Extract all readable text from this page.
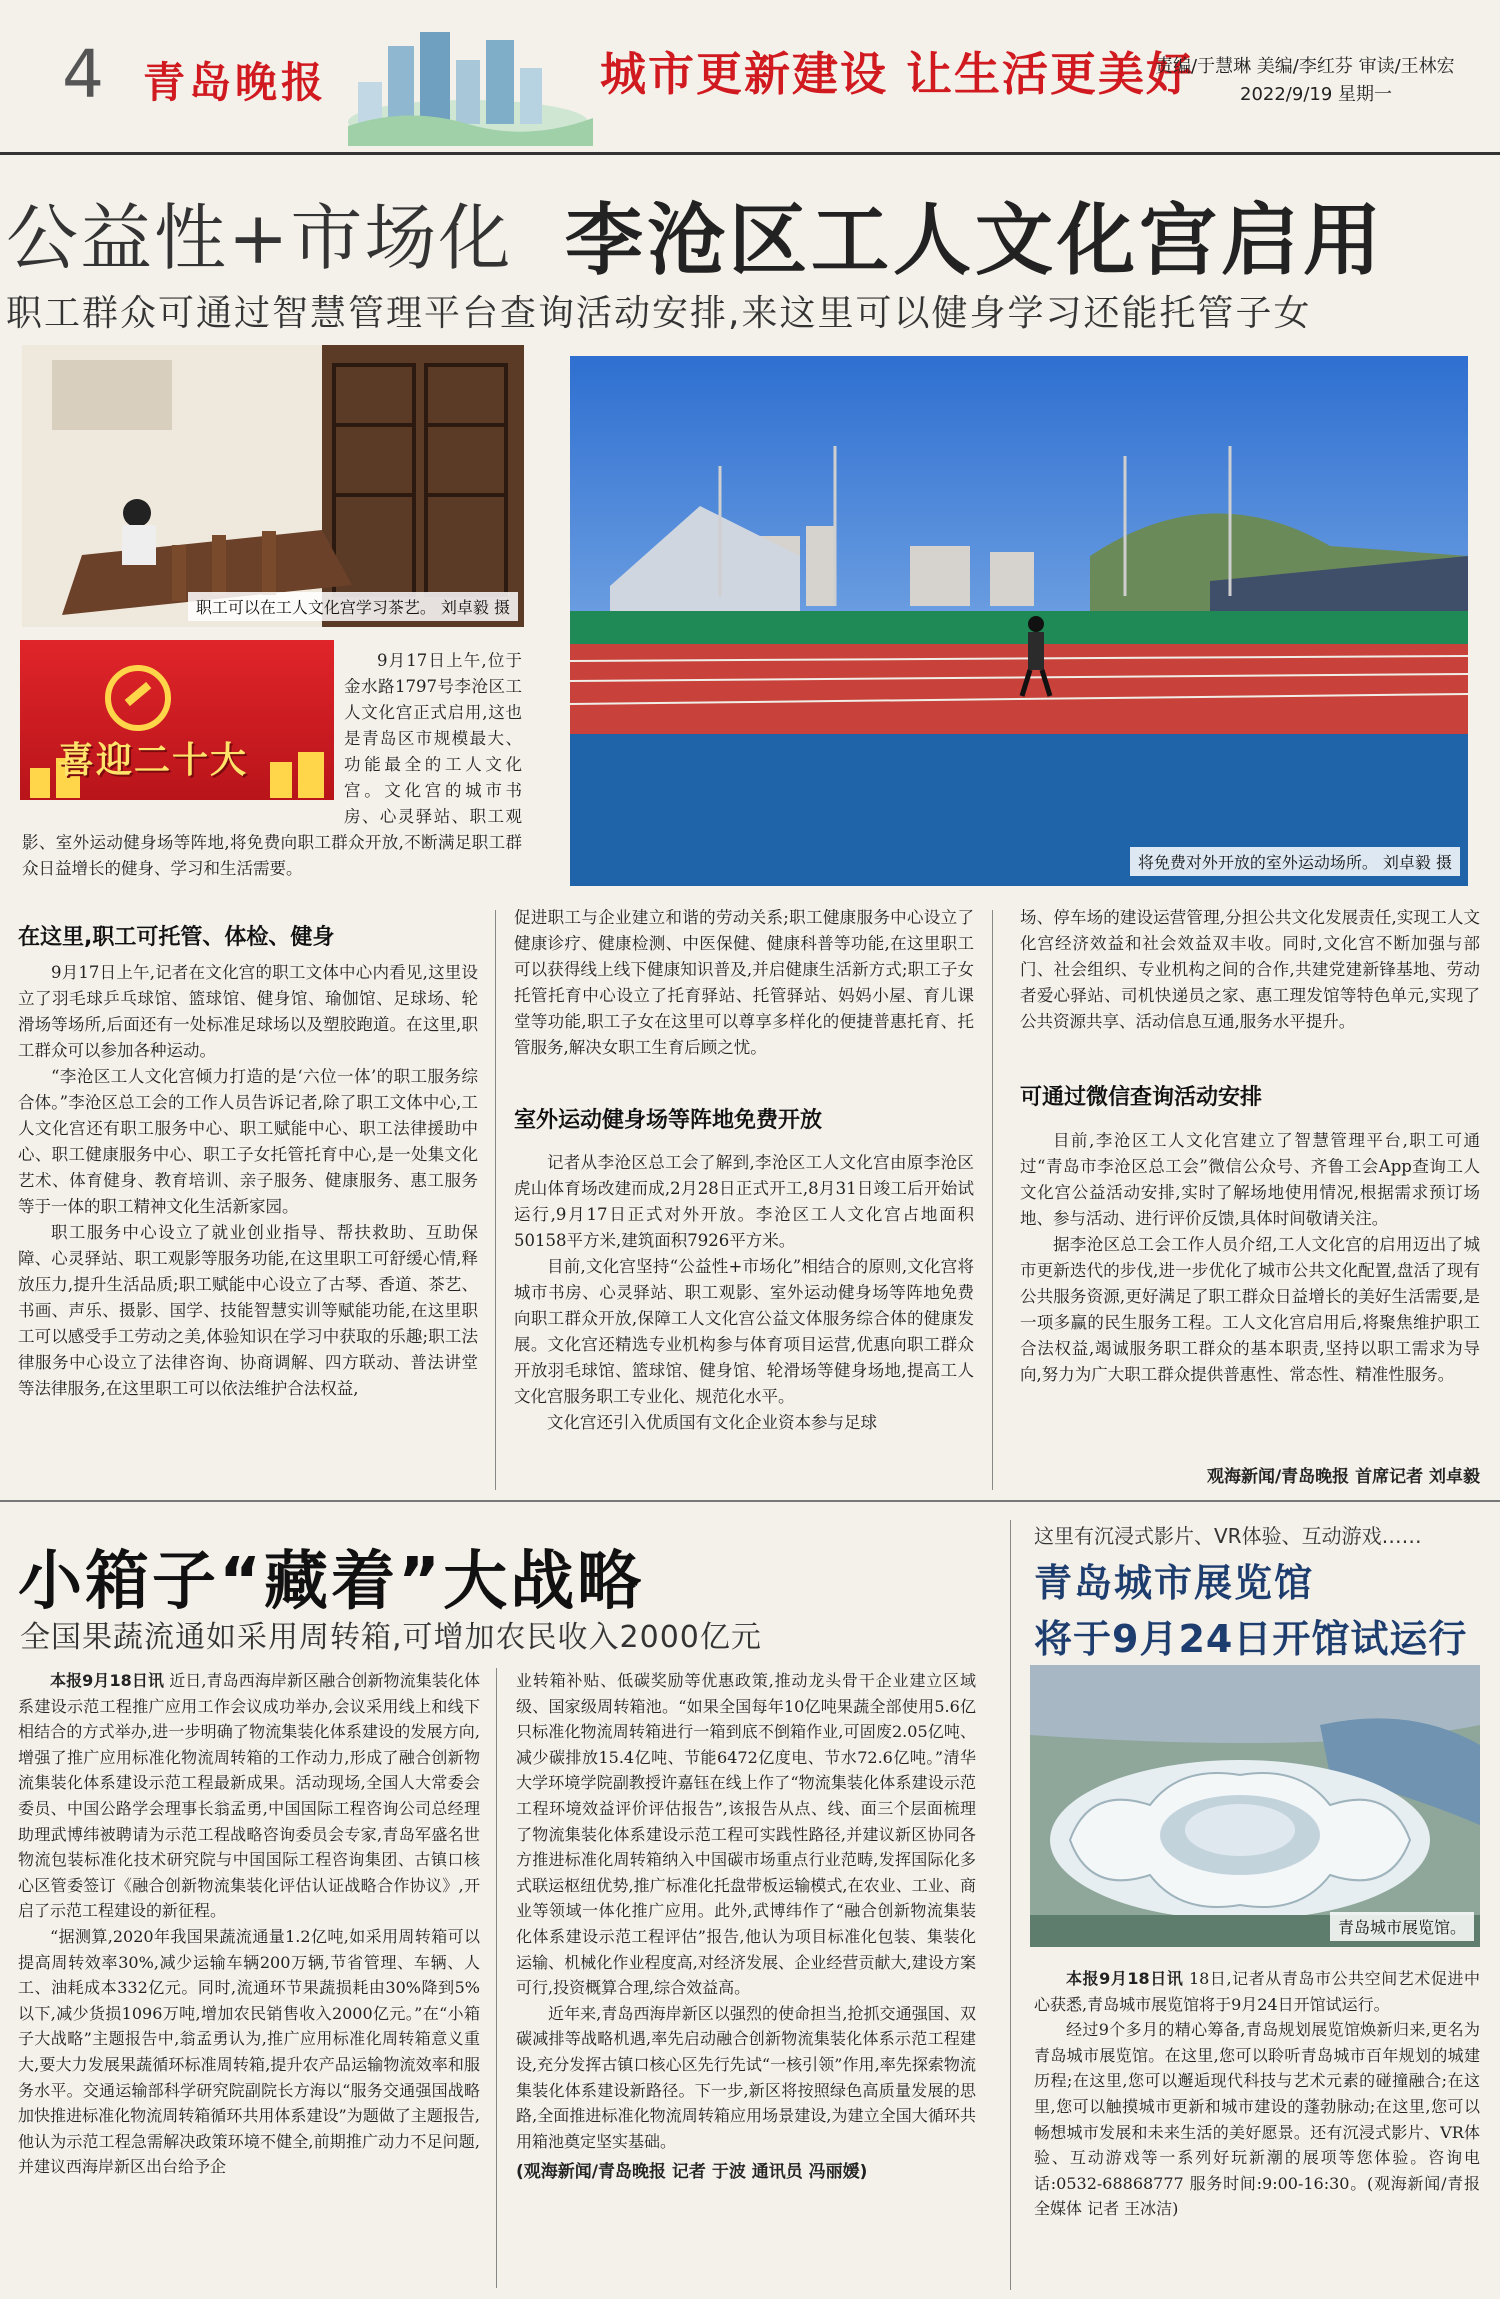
4 青岛晚报	城市更新建设 让生活更美好
责编/于慧琳 美编/李红芬 审读/王林宏
2022/9/19 星期一
公益性+市场化 李沧区工人文化宫启用
职工群众可通过智慧管理平台查询活动安排,来这里可以健身学习还能托管子女
职工可以在工人文化宫学习茶艺。 刘卓毅 摄
喜迎二十大

9月17日上午,位于金水路1797号李沧区工人文化宫正式启用,这也是青岛区市规模最大、功能最全的工人文化宫。文化宫的城市书房、心灵驿站、职工观影、室外运动健身场等阵地,将免费向职工群众开放,不断满足职工群众日益增长的健身、学习和生活需要。	将免费对外开放的室外运动场所。 刘卓毅 摄
在这里,职工可托管、体检、健身

9月17日上午,记者在文化宫的职工文体中心内看见,这里设立了羽毛球乒乓球馆、篮球馆、健身馆、瑜伽馆、足球场、轮滑场等场所,后面还有一处标准足球场以及塑胶跑道。在这里,职工群众可以参加各种运动。

“李沧区工人文化宫倾力打造的是‘六位一体’的职工服务综合体。”李沧区总工会的工作人员告诉记者,除了职工文体中心,工人文化宫还有职工服务中心、职工赋能中心、职工法律援助中心、职工健康服务中心、职工子女托管托育中心,是一处集文化艺术、体育健身、教育培训、亲子服务、健康服务、惠工服务等于一体的职工精神文化生活新家园。

职工服务中心设立了就业创业指导、帮扶救助、互助保障、心灵驿站、职工观影等服务功能,在这里职工可舒缓心情,释放压力,提升生活品质;职工赋能中心设立了古琴、香道、茶艺、书画、声乐、摄影、国学、技能智慧实训等赋能功能,在这里职工可以感受手工劳动之美,体验知识在学习中获取的乐趣;职工法律服务中心设立了法律咨询、协商调解、四方联动、普法讲堂等法律服务,在这里职工可以依法维护合法权益,

促进职工与企业建立和谐的劳动关系;职工健康服务中心设立了健康诊疗、健康检测、中医保健、健康科普等功能,在这里职工可以获得线上线下健康知识普及,并启健康生活新方式;职工子女托管托育中心设立了托育驿站、托管驿站、妈妈小屋、育儿课堂等功能,职工子女在这里可以尊享多样化的便捷普惠托育、托管服务,解决女职工生育后顾之忧。

室外运动健身场等阵地免费开放

记者从李沧区总工会了解到,李沧区工人文化宫由原李沧区虎山体育场改建而成,2月28日正式开工,8月31日竣工后开始试运行,9月17日正式对外开放。李沧区工人文化宫占地面积50158平方米,建筑面积7926平方米。

目前,文化宫坚持“公益性+市场化”相结合的原则,文化宫将城市书房、心灵驿站、职工观影、室外运动健身场等阵地免费向职工群众开放,保障工人文化宫公益文体服务综合体的健康发展。文化宫还精选专业机构参与体育项目运营,优惠向职工群众开放羽毛球馆、篮球馆、健身馆、轮滑场等健身场地,提高工人文化宫服务职工专业化、规范化水平。

文化宫还引入优质国有文化企业资本参与足球

场、停车场的建设运营管理,分担公共文化发展责任,实现工人文化宫经济效益和社会效益双丰收。同时,文化宫不断加强与部门、社会组织、专业机构之间的合作,共建党建新锋基地、劳动者爱心驿站、司机快递员之家、惠工理发馆等特色单元,实现了公共资源共享、活动信息互通,服务水平提升。

可通过微信查询活动安排

目前,李沧区工人文化宫建立了智慧管理平台,职工可通过“青岛市李沧区总工会”微信公众号、齐鲁工会App查询工人文化宫公益活动安排,实时了解场地使用情况,根据需求预订场地、参与活动、进行评价反馈,具体时间敬请关注。

据李沧区总工会工作人员介绍,工人文化宫的启用迈出了城市更新迭代的步伐,进一步优化了城市公共文化配置,盘活了现有公共服务资源,更好满足了职工群众日益增长的美好生活需要,是一项多赢的民生服务工程。工人文化宫启用后,将聚焦维护职工合法权益,竭诚服务职工群众的基本职责,坚持以职工需求为导向,努力为广大职工群众提供普惠性、常态性、精准性服务。

观海新闻/青岛晚报 首席记者 刘卓毅
小箱子“藏着”大战略
全国果蔬流通如采用周转箱,可增加农民收入2000亿元

本报9月18日讯 近日,青岛西海岸新区融合创新物流集装化体系建设示范工程推广应用工作会议成功举办,会议采用线上和线下相结合的方式举办,进一步明确了物流集装化体系建设的发展方向,增强了推广应用标准化物流周转箱的工作动力,形成了融合创新物流集装化体系建设示范工程最新成果。活动现场,全国人大常委会委员、中国公路学会理事长翁孟勇,中国国际工程咨询公司总经理助理武博纬被聘请为示范工程战略咨询委员会专家,青岛军盛名世物流包装标准化技术研究院与中国国际工程咨询集团、古镇口核心区管委签订《融合创新物流集装化评估认证战略合作协议》,开启了示范工程建设的新征程。

“据测算,2020年我国果蔬流通量1.2亿吨,如采用周转箱可以提高周转效率30%,减少运输车辆200万辆,节省管理、车辆、人工、油耗成本332亿元。同时,流通环节果蔬损耗由30%降到5%以下,减少货损1096万吨,增加农民销售收入2000亿元。”在“小箱子大战略”主题报告中,翁孟勇认为,推广应用标准化周转箱意义重大,要大力发展果蔬循环标准周转箱,提升农产品运输物流效率和服务水平。交通运输部科学研究院副院长方海以“服务交通强国战略加快推进标准化物流周转箱循环共用体系建设”为题做了主题报告,他认为示范工程急需解决政策环境不健全,前期推广动力不足问题,并建议西海岸新区出台给予企

业转箱补贴、低碳奖励等优惠政策,推动龙头骨干企业建立区域级、国家级周转箱池。“如果全国每年10亿吨果蔬全部使用5.6亿只标准化物流周转箱进行一箱到底不倒箱作业,可固废2.05亿吨、减少碳排放15.4亿吨、节能6472亿度电、节水72.6亿吨。”清华大学环境学院副教授许嘉钰在线上作了“物流集装化体系建设示范工程环境效益评价评估报告”,该报告从点、线、面三个层面梳理了物流集装化体系建设示范工程可实践性路径,并建议新区协同各方推进标准化周转箱纳入中国碳市场重点行业范畴,发挥国际化多式联运枢纽优势,推广标准化托盘带板运输模式,在农业、工业、商业等领域一体化推广应用。此外,武博纬作了“融合创新物流集装化体系建设示范工程评估”报告,他认为项目标准化包装、集装化运输、机械化作业程度高,对经济发展、企业经营贡献大,建设方案可行,投资概算合理,综合效益高。

近年来,青岛西海岸新区以强烈的使命担当,抢抓交通强国、双碳减排等战略机遇,率先启动融合创新物流集装化体系示范工程建设,充分发挥古镇口核心区先行先试“一核引领”作用,率先探索物流集装化体系建设新路径。下一步,新区将按照绿色高质量发展的思路,全面推进标准化物流周转箱应用场景建设,为建立全国大循环共用箱池奠定坚实基础。

(观海新闻/青岛晚报 记者 于波 通讯员 冯丽媛)
这里有沉浸式影片、VR体验、互动游戏……
青岛城市展览馆
将于9月24日开馆试运行
青岛城市展览馆。

本报9月18日讯 18日,记者从青岛市公共空间艺术促进中心获悉,青岛城市展览馆将于9月24日开馆试运行。

经过9个多月的精心筹备,青岛规划展览馆焕新归来,更名为青岛城市展览馆。在这里,您可以聆听青岛城市百年规划的城建历程;在这里,您可以邂逅现代科技与艺术元素的碰撞融合;在这里,您可以触摸城市更新和城市建设的蓬勃脉动;在这里,您可以畅想城市发展和未来生活的美好愿景。还有沉浸式影片、VR体验、互动游戏等一系列好玩新潮的展项等您体验。咨询电话:0532-68868777 服务时间:9:00-16:30。(观海新闻/青报全媒体 记者 王冰洁)
